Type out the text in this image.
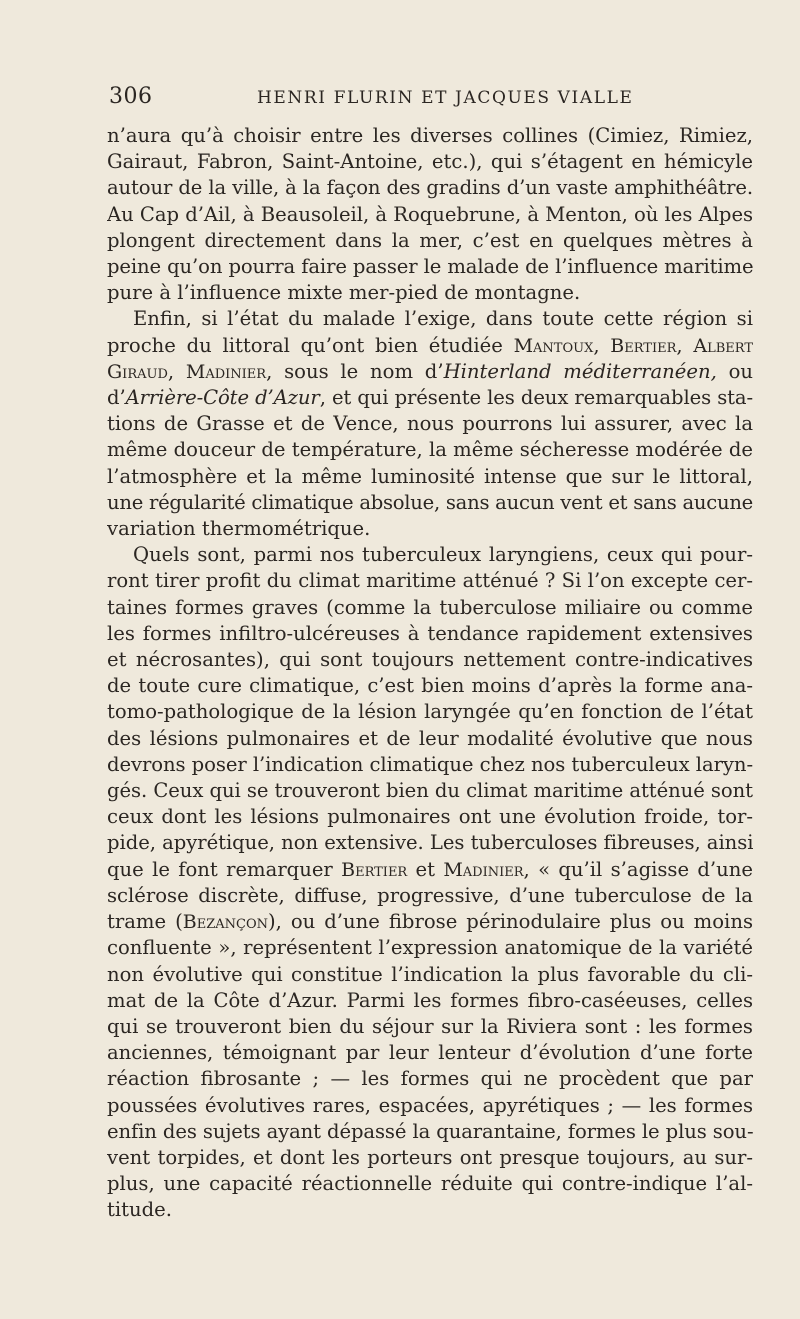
306	HENRI FLURIN ET JACQUES VIALLE
n’aura qu’à choisir entre les diverses collines (Cimiez, Rimiez,
Gairaut, Fabron, Saint-Antoine, etc.), qui s’étagent en hémicyle
autour de la ville, à la façon des gradins d’un vaste amphithéâtre.
Au Cap d’Ail, à Beausoleil, à Roquebrune, à Menton, où les Alpes
plongent directement dans la mer, c’est en quelques mètres à
peine qu’on pourra faire passer le malade de l’influence maritime
pure à l’influence mixte mer-pied de montagne.
Enfin, si l’état du malade l’exige, dans toute cette région si
proche du littoral qu’ont bien étudiée Mantoux, Bertier, Albert
Giraud, Madinier, sous le nom d’Hinterland méditerranéen, ou
d’Arrière-Côte d’Azur, et qui présente les deux remarquables sta-
tions de Grasse et de Vence, nous pourrons lui assurer, avec la
même douceur de température, la même sécheresse modérée de
l’atmosphère et la même luminosité intense que sur le littoral,
une régularité climatique absolue, sans aucun vent et sans aucune
variation thermométrique.
Quels sont, parmi nos tuberculeux laryngiens, ceux qui pour-
ront tirer profit du climat maritime atténué ? Si l’on excepte cer-
taines formes graves (comme la tuberculose miliaire ou comme
les formes infiltro-ulcéreuses à tendance rapidement extensives
et nécrosantes), qui sont toujours nettement contre-indicatives
de toute cure climatique, c’est bien moins d’après la forme ana-
tomo-pathologique de la lésion laryngée qu’en fonction de l’état
des lésions pulmonaires et de leur modalité évolutive que nous
devrons poser l’indication climatique chez nos tuberculeux laryn-
gés. Ceux qui se trouveront bien du climat maritime atténué sont
ceux dont les lésions pulmonaires ont une évolution froide, tor-
pide, apyrétique, non extensive. Les tuberculoses fibreuses, ainsi
que le font remarquer Bertier et Madinier, « qu’il s’agisse d’une
sclérose discrète, diffuse, progressive, d’une tuberculose de la
trame (Bezançon), ou d’une fibrose périnodulaire plus ou moins
confluente », représentent l’expression anatomique de la variété
non évolutive qui constitue l’indication la plus favorable du cli-
mat de la Côte d’Azur. Parmi les formes fibro-caséeuses, celles
qui se trouveront bien du séjour sur la Riviera sont : les formes
anciennes, témoignant par leur lenteur d’évolution d’une forte
réaction fibrosante ; — les formes qui ne procèdent que par
poussées évolutives rares, espacées, apyrétiques ; — les formes
enfin des sujets ayant dépassé la quarantaine, formes le plus sou-
vent torpides, et dont les porteurs ont presque toujours, au sur-
plus, une capacité réactionnelle réduite qui contre-indique l’al-
titude.
